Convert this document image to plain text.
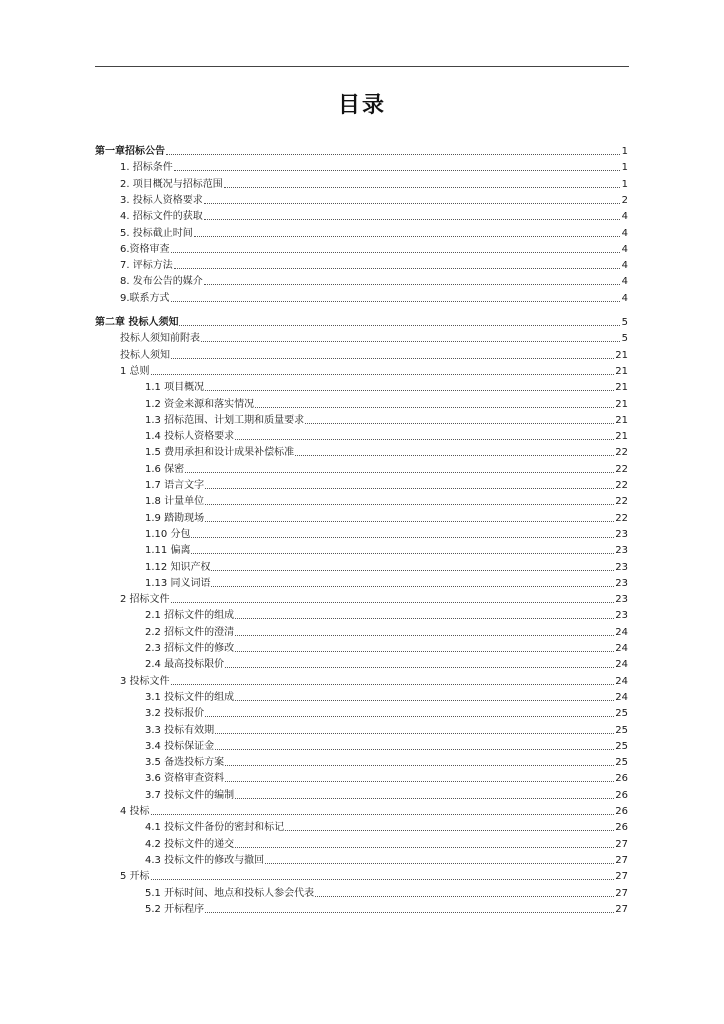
目录
第一章招标公告	1
1. 招标条件	1
2. 项目概况与招标范围	1
3. 投标人资格要求	2
4. 招标文件的获取	4
5. 投标截止时间	4
6.资格审查	4
7. 评标方法	4
8. 发布公告的媒介	4
9.联系方式	4
第二章 投标人须知	5
投标人须知前附表	5
投标人须知	21
1 总则	21
1.1 项目概况	21
1.2 资金来源和落实情况	21
1.3 招标范围、计划工期和质量要求	21
1.4 投标人资格要求	21
1.5 费用承担和设计成果补偿标准	22
1.6 保密	22
1.7 语言文字	22
1.8 计量单位	22
1.9 踏勘现场	22
1.10 分包	23
1.11 偏离	23
1.12 知识产权	23
1.13 同义词语	23
2 招标文件	23
2.1 招标文件的组成	23
2.2 招标文件的澄清	24
2.3 招标文件的修改	24
2.4 最高投标限价	24
3 投标文件	24
3.1 投标文件的组成	24
3.2 投标报价	25
3.3 投标有效期	25
3.4 投标保证金	25
3.5 备选投标方案	25
3.6 资格审查资料	26
3.7 投标文件的编制	26
4 投标	26
4.1 投标文件备份的密封和标记	26
4.2 投标文件的递交	27
4.3 投标文件的修改与撤回	27
5 开标	27
5.1 开标时间、地点和投标人参会代表	27
5.2 开标程序	27
